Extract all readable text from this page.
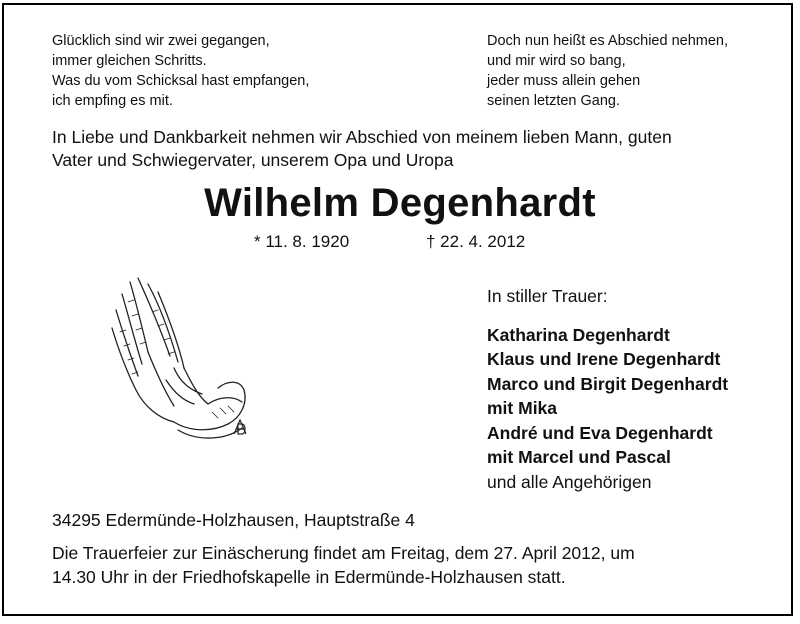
Glücklich sind wir zwei gegangen,
immer gleichen Schritts.
Was du vom Schicksal hast empfangen,
ich empfing es mit.
Doch nun heißt es Abschied nehmen,
und mir wird so bang,
jeder muss allein gehen
seinen letzten Gang.
In Liebe und Dankbarkeit nehmen wir Abschied von meinem lieben Mann, guten
Vater und Schwiegervater, unserem Opa und Uropa
Wilhelm Degenhardt
* 11. 8. 1920	† 22. 4. 2012
In stiller Trauer:
Katharina Degenhardt
Klaus und Irene Degenhardt
Marco und Birgit Degenhardt
mit Mika
André und Eva Degenhardt
mit Marcel und Pascal
und alle Angehörigen
34295 Edermünde-Holzhausen, Hauptstraße 4
Die Trauerfeier zur Einäscherung findet am Freitag, dem 27. April 2012, um
14.30 Uhr in der Friedhofskapelle in Edermünde-Holzhausen statt.
